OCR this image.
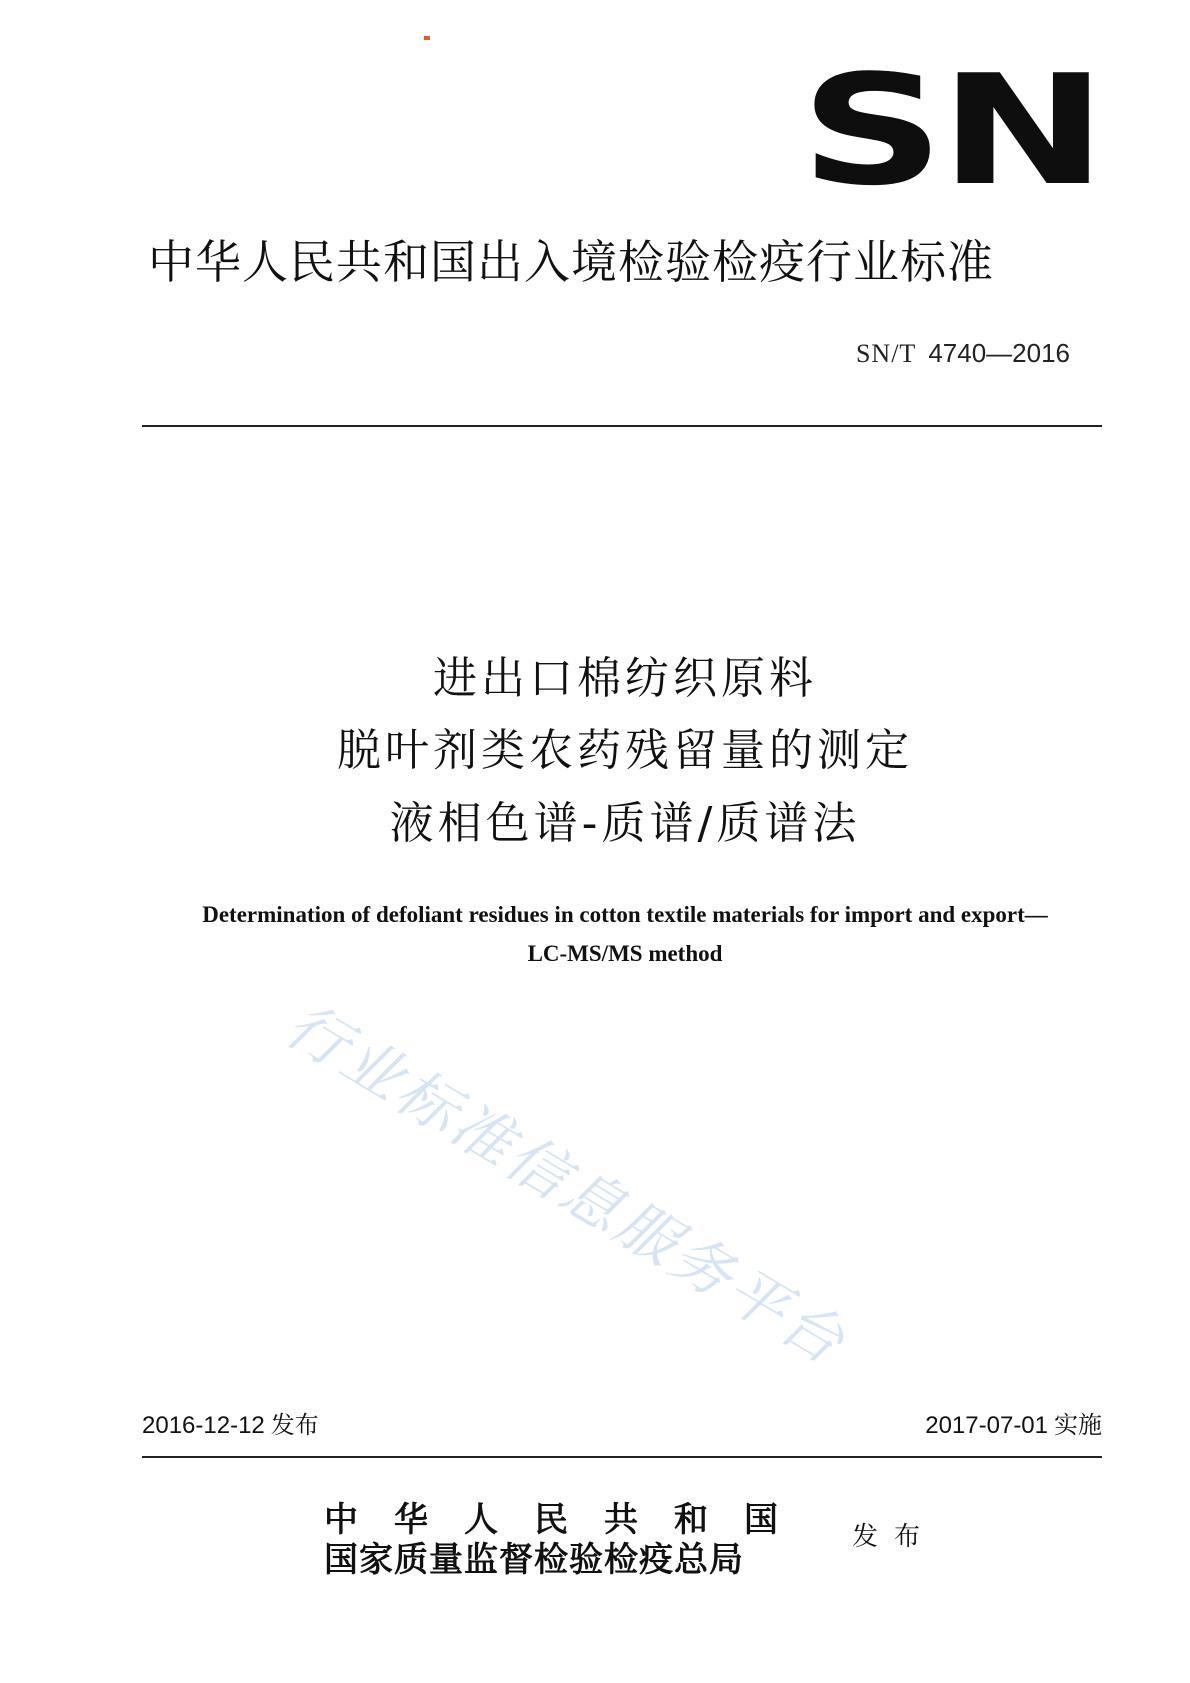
SN
中华人民共和国出入境检验检疫行业标准
SN/T 4740—2016
进出口棉纺织原料
脱叶剂类农药残留量的测定
液相色谱-质谱/质谱法
Determination of defoliant residues in cotton textile materials for import and export—
LC-MS/MS method
行业标准信息服务平台
2016-12-12 发布	2017-07-01 实施
中华人民共和国
国家质量监督检验检疫总局
发布
